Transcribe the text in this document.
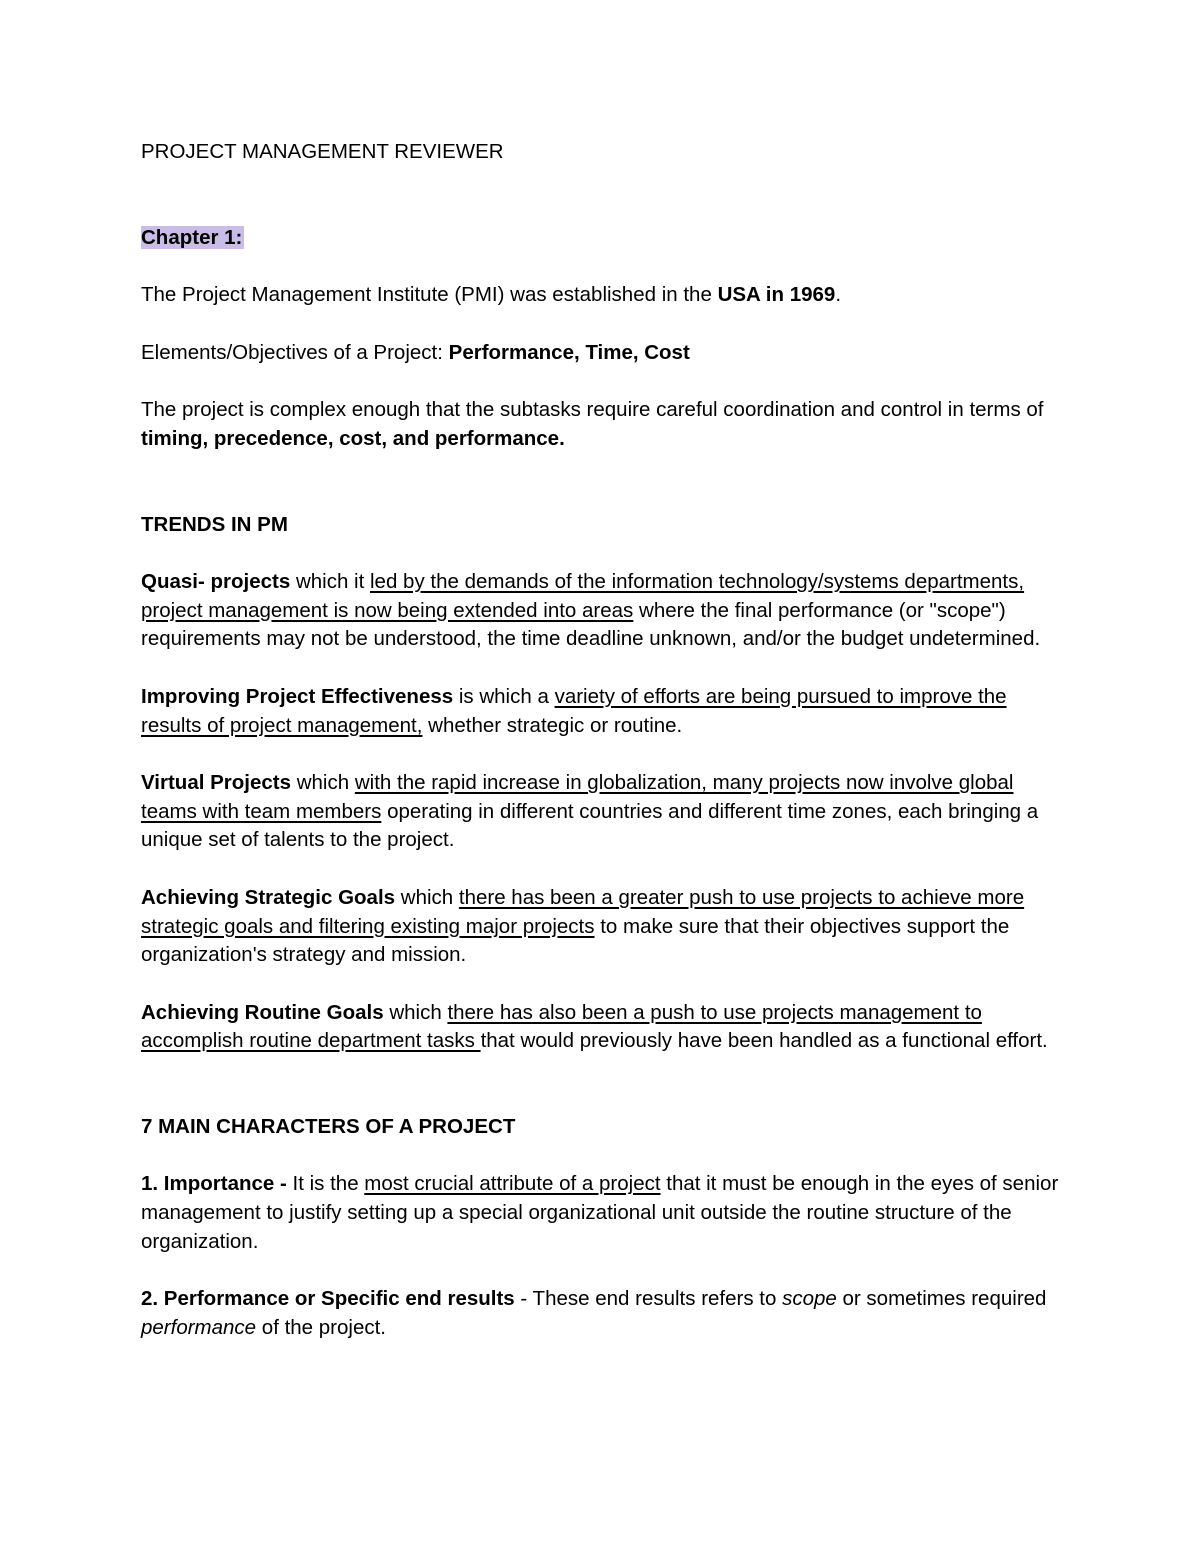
PROJECT MANAGEMENT REVIEWER
Chapter 1:

The Project Management Institute (PMI) was established in the USA in 1969.

Elements/Objectives of a Project: Performance, Time, Cost

The project is complex enough that the subtasks require careful coordination and control in terms of timing, precedence, cost, and performance.

TRENDS IN PM

Quasi- projects which it led by the demands of the information technology/systems departments, project management is now being extended into areas where the final performance (or "scope") requirements may not be understood, the time deadline unknown, and/or the budget undetermined.

Improving Project Effectiveness is which a variety of efforts are being pursued to improve the results of project management, whether strategic or routine.

Virtual Projects which with the rapid increase in globalization, many projects now involve global teams with team members operating in different countries and different time zones, each bringing a unique set of talents to the project.

Achieving Strategic Goals which there has been a greater push to use projects to achieve more strategic goals and filtering existing major projects to make sure that their objectives support the organization's strategy and mission.

Achieving Routine Goals which there has also been a push to use projects management to accomplish routine department tasks that would previously have been handled as a functional effort.

7 MAIN CHARACTERS OF A PROJECT

1. Importance - It is the most crucial attribute of a project that it must be enough in the eyes of senior management to justify setting up a special organizational unit outside the routine structure of the organization.

2. Performance or Specific end results - These end results refers to scope or sometimes required performance of the project.
